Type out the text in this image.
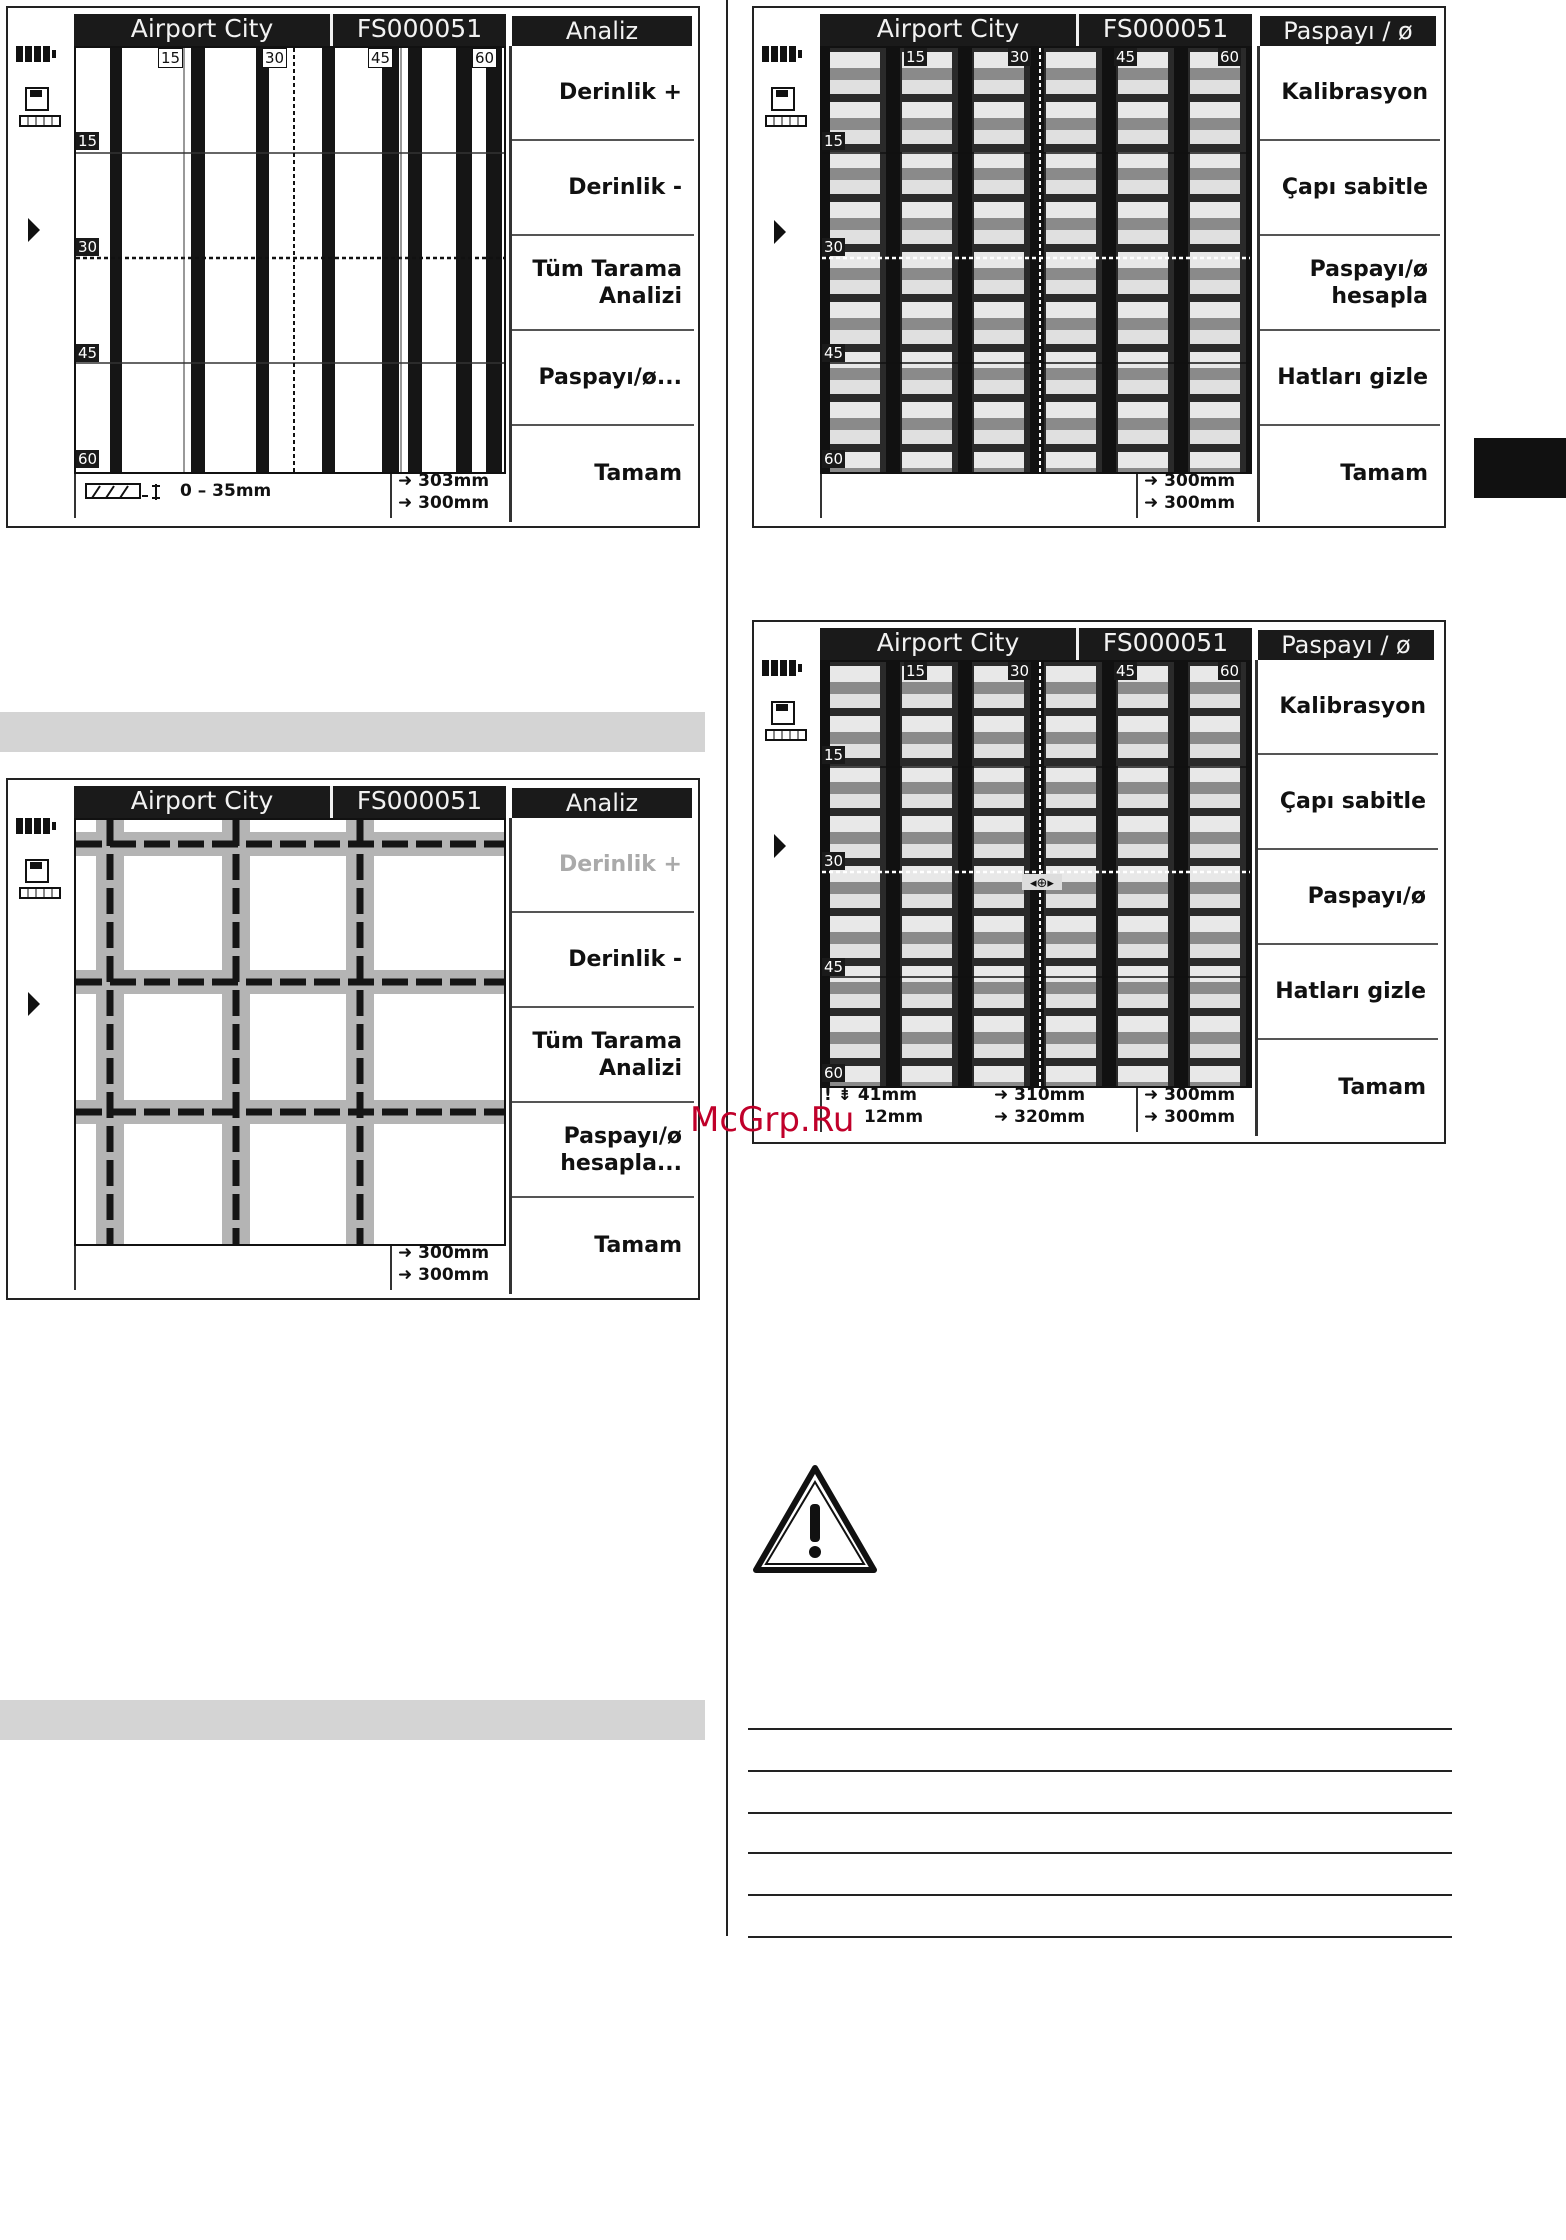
Airport City	FS000051	Analiz
15	30	45	60
15
30
45
60
0 – 35mm	➜ 303mm
➜ 300mm
Derinlik +
Derinlik -
Tüm Tarama
Analizi
Paspayı/ø...
Tamam
Airport City	FS000051	Analiz
➜ 300mm
➜ 300mm
Derinlik +
Derinlik -
Tüm Tarama
Analizi
Paspayı/ø
hesapla...
Tamam
Airport City	FS000051	Paspayı / ø
15	30	45	60
15
30
45
60
➜ 300mm
➜ 300mm
Kalibrasyon
Çapı sabitle
Paspayı/ø
hesapla
Hatları gizle
Tamam
Airport City	FS000051	Paspayı / ø
◂⊕▸
15	30	45	60
15
30
45
60
! ⇟ 41mm
12mm
➜ 310mm
➜ 320mm
➜ 300mm
➜ 300mm
Kalibrasyon
Çapı sabitle
Paspayı/ø
Hatları gizle
Tamam
McGrp.Ru
